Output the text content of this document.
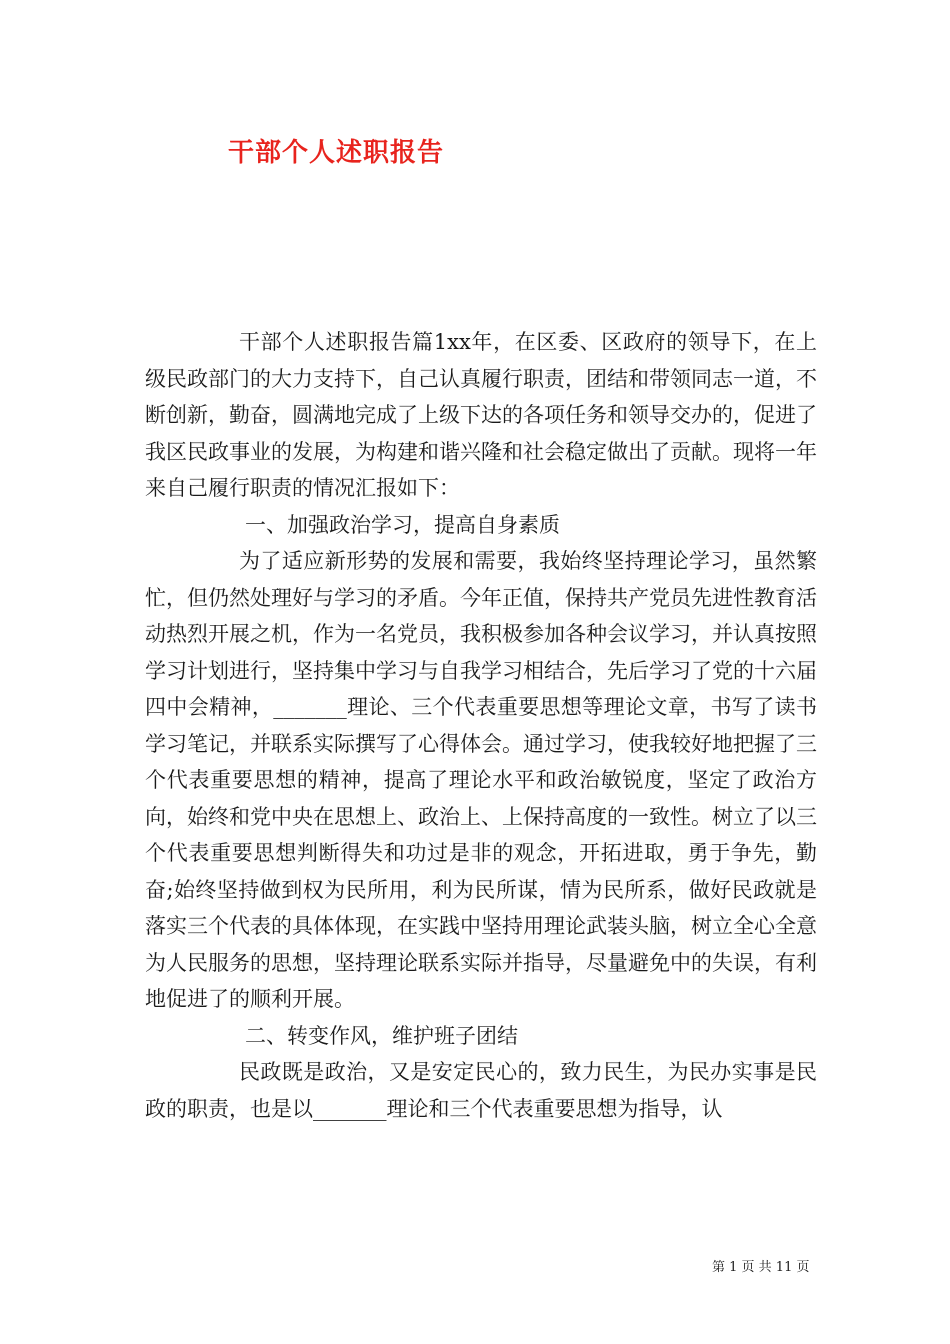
干部个人述职报告

干部个人述职报告篇1xx年，在区委、区政府的领导下，在上级民政部门的大力支持下，自己认真履行职责，团结和带领同志一道，不断创新，勤奋，圆满地完成了上级下达的各项任务和领导交办的，促进了我区民政事业的发展，为构建和谐兴隆和社会稳定做出了贡献。现将一年来自己履行职责的情况汇报如下：

一、加强政治学习，提高自身素质

为了适应新形势的发展和需要，我始终坚持理论学习，虽然繁忙，但仍然处理好与学习的矛盾。今年正值，保持共产党员先进性教育活动热烈开展之机，作为一名党员，我积极参加各种会议学习，并认真按照学习计划进行，坚持集中学习与自我学习相结合，先后学习了党的十六届四中会精神，_______理论、三个代表重要思想等理论文章，书写了读书学习笔记，并联系实际撰写了心得体会。通过学习，使我较好地把握了三个代表重要思想的精神，提高了理论水平和政治敏锐度，坚定了政治方向，始终和党中央在思想上、政治上、上保持高度的一致性。树立了以三个代表重要思想判断得失和功过是非的观念，开拓进取，勇于争先，勤奋;始终坚持做到权为民所用，利为民所谋，情为民所系，做好民政就是落实三个代表的具体体现，在实践中坚持用理论武装头脑，树立全心全意为人民服务的思想，坚持理论联系实际并指导，尽量避免中的失误，有利地促进了的顺利开展。

二、转变作风，维护班子团结

民政既是政治，又是安定民心的，致力民生，为民办实事是民政的职责，也是以_______理论和三个代表重要思想为指导，认

第 1 页 共 11 页
